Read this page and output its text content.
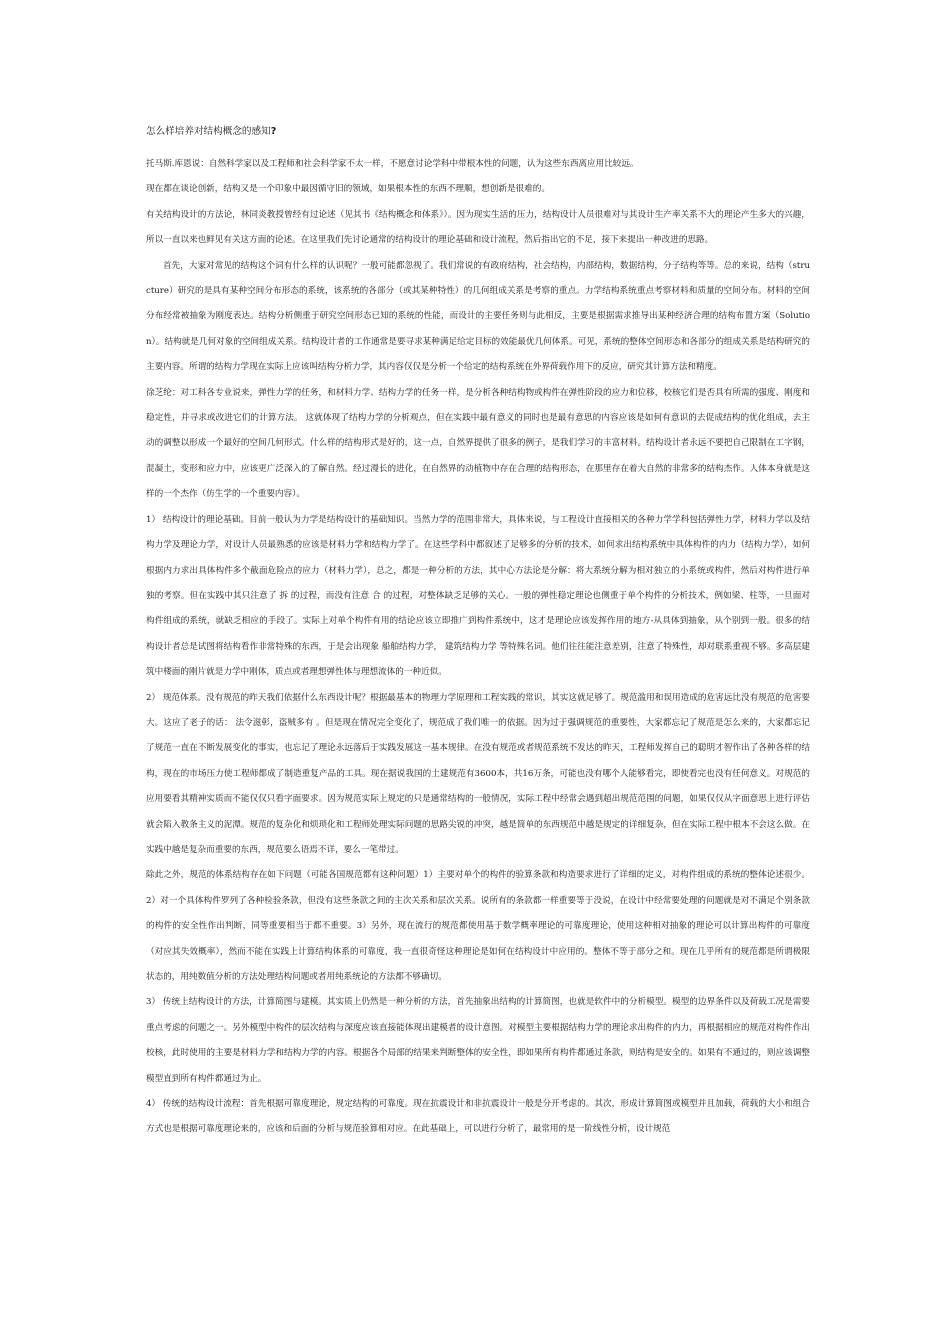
怎么样培养对结构概念的感知?

托马斯.库恩说：自然科学家以及工程师和社会科学家不太一样，不愿意讨论学科中带根本性的问题，认为这些东西离应用比较远。

现在都在谈论创新，结构又是一个印象中最因循守旧的领域，如果根本性的东西不理顺，想创新是很难的。

有关结构设计的方法论，林同炎教授曾经有过论述（见其书《结构概念和体系》）。因为现实生活的压力，结构设计人员很难对与其设计生产率关系不大的理论产生多大的兴趣，所以一直以来也鲜见有关这方面的论述。在这里我们先讨论通常的结构设计的理论基础和设计流程，然后指出它的不足，接下来提出一种改进的思路。

首先，大家对常见的结构这个词有什么样的认识呢？一般可能都忽视了。我们常说的有政府结构，社会结构，内部结构，数据结构，分子结构等等。总的来说，结构（structure）研究的是具有某种空间分布形态的系统，该系统的各部分（或其某种特性）的几何组成关系是考察的重点。力学结构系统重点考察材料和质量的空间分布。材料的空间分布经常被抽象为刚度表达。结构分析侧重于研究空间形态已知的系统的性能，而设计的主要任务则与此相反，主要是根据需求推导出某种经济合理的结构布置方案（Solution）。结构就是几何对象的空间组成关系。结构设计者的工作通常是要寻求某种满足给定目标的效能最优几何体系。可见，系统的整体空间形态和各部分的组成关系是结构研究的主要内容。所谓的结构力学现在实际上应该叫结构分析力学，其内容仅仅是分析一个给定的结构系统在外界荷载作用下的反应，研究其计算方法和精度。

徐芝纶：对工科各专业说来，弹性力学的任务，和材料力学、结构力学的任务一样，是分析各种结构物或构件在弹性阶段的应力和位移，校核它们是否具有所需的强度、刚度和稳定性，并寻求或改进它们的计算方法。 这就体现了结构力学的分析观点，但在实践中最有意义的同时也是最有意思的内容应该是如何有意识的去促成结构的优化组成，去主动的调整以形成一个最好的空间几何形式。什么样的结构形式是好的，这一点，自然界提供了很多的例子，是我们学习的丰富材料。结构设计者永远不要把自己限制在工字钢，混凝土，变形和应力中，应该更广泛深入的了解自然。经过漫长的进化，在自然界的动植物中存在合理的结构形态，在那里存在着大自然的非常多的结构杰作。人体本身就是这样的一个杰作（仿生学的一个重要内容）。

1） 结构设计的理论基础。目前一般认为力学是结构设计的基础知识。当然力学的范围非常大，具体来说，与工程设计直接相关的各种力学学科包括弹性力学，材料力学以及结构力学及理论力学，对设计人员最熟悉的应该是材料力学和结构力学了。在这些学科中都叙述了足够多的分析的技术，如何求出结构系统中具体构件的内力（结构力学），如何根据内力求出具体构件多个截面危险点的应力（材料力学），总之，都是一种分析的方法，其中心方法论是分解：将大系统分解为相对独立的小系统或构件，然后对构件进行单独的考察。但在实践中其只注意了 拆 的过程，而没有注意 合 的过程，对整体缺乏足够的关心。一般的弹性稳定理论也侧重于单个构件的分析技术，例如梁、柱等，一旦面对构件组成的系统，就缺乏相应的手段了。实际上对单个构件有用的结论应该立即推广到构件系统中，这才是理论应该发挥作用的地方-从具体到抽象，从个别到一般。很多的结构设计者总是试图将结构看作非常特殊的东西，于是会出现象 船舶结构力学， 建筑结构力学 等特殊名词。他们往往能注意差别，注意了特殊性，却对联系重视不够。多高层建筑中楼面的刚片就是力学中刚体，质点或者理想弹性体与理想流体的一种近似。

2） 规范体系。没有规范的昨天我们依据什么东西设计呢？根据最基本的物理力学原理和工程实践的常识，其实这就足够了。规范滥用和误用造成的危害远比没有规范的危害要大。这应了老子的话： 法令滋彰，盗贼多有 。但是现在情况完全变化了，规范成了我们唯一的依据。因为过于强调规范的重要性，大家都忘记了规范是怎么来的，大家都忘记了规范一直在不断发展变化的事实，也忘记了理论永远落后于实践发展这一基本规律。在没有规范或者规范系统不发达的昨天，工程师发挥自己的聪明才智作出了各种各样的结构，现在的市场压力使工程师都成了制造重复产品的工具。现在据说我国的土建规范有3600本，共16万条，可能也没有哪个人能够看完，即使看完也没有任何意义。对规范的应用要看其精神实质而不能仅仅只看字面要求。因为规范实际上规定的只是通常结构的一般情况，实际工程中经常会遇到超出规范范围的问题，如果仅仅从字面意思上进行评估就会陷入教条主义的泥潭。规范的复杂化和烦琐化和工程师处理实际问题的思路尖锐的冲突，越是简单的东西规范中越是规定的详细复杂，但在实际工程中根本不会这么做。在实践中越是复杂而重要的东西，规范要么语焉不详，要么一笔带过。

除此之外，规范的体系结构存在如下问题（可能各国规范都有这种问题）1）主要对单个的构件的验算条款和构造要求进行了详细的定义，对构件组成的系统的整体论述很少。2）对一个具体构件罗列了各种检验条款，但没有这些条款之间的主次关系和层次关系。说所有的条款都一样重要等于没说，在设计中经常要处理的问题就是对不满足个别条款的构件的安全性作出判断，同等重要相当于都不重要。3）另外，现在流行的规范都使用基于数学概率理论的可靠度理论，使用这种相对抽象的理论可以计算出构件的可靠度（对应其失效概率），然而不能在实践上计算结构体系的可靠度，我一直很奇怪这种理论是如何在结构设计中应用的。整体不等于部分之和。现在几乎所有的规范都是所谓极限状态的，用纯数值分析的方法处理结构问题或者用纯系统论的方法都不够确切。

3） 传统上结构设计的方法，计算简图与建模。其实质上仍然是一种分析的方法，首先抽象出结构的计算简图，也就是软件中的分析模型。模型的边界条件以及荷载工况是需要重点考虑的问题之一。另外模型中构件的层次结构与深度应该直接能体现出建模者的设计意图。对模型主要根据结构力学的理论求出构件的内力，再根据相应的规范对构件作出校核，此时使用的主要是材料力学和结构力学的内容。根据各个局部的结果来判断整体的安全性，即如果所有构件都通过条款，则结构是安全的。如果有不通过的，则应该调整模型直到所有构件都通过为止。

4） 传统的结构设计流程：首先根据可靠度理论，规定结构的可靠度。现在抗震设计和非抗震设计一般是分开考虑的。其次，形成计算简图或模型并且加载，荷载的大小和组合方式也是根据可靠度理论来的，应该和后面的分析与规范验算相对应。在此基础上，可以进行分析了，最常用的是一阶线性分析，设计规范
